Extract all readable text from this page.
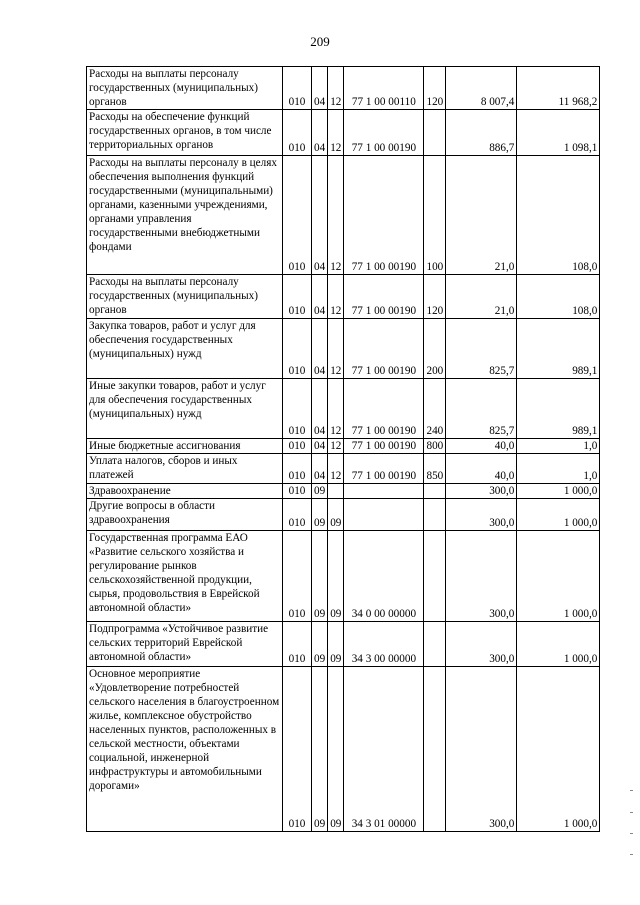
209
Расходы на выплаты персоналу государственных (муниципальных) органов	010	04	12	77 1 00 00110	120	8 007,4	11 968,2
Расходы на обеспечение функций государственных органов, в том числе территориальных органов	010	04	12	77 1 00 00190		886,7	1 098,1
Расходы на выплаты персоналу в целях обеспечения выполнения функций государственными (муниципальными) органами, казенными учреждениями, органами управления государственными внебюджетными фондами	010	04	12	77 1 00 00190	100	21,0	108,0
Расходы на выплаты персоналу государственных (муниципальных) органов	010	04	12	77 1 00 00190	120	21,0	108,0
Закупка товаров, работ и услуг для обеспечения государственных (муниципальных) нужд	010	04	12	77 1 00 00190	200	825,7	989,1
Иные закупки товаров, работ и услуг для обеспечения государственных (муниципальных) нужд	010	04	12	77 1 00 00190	240	825,7	989,1
Иные бюджетные ассигнования	010	04	12	77 1 00 00190	800	40,0	1,0
Уплата налогов, сборов и иных платежей	010	04	12	77 1 00 00190	850	40,0	1,0
Здравоохранение	010	09				300,0	1 000,0
Другие вопросы в области здравоохранения	010	09	09			300,0	1 000,0
Государственная программа ЕАО «Развитие сельского хозяйства и регулирование рынков сельскохозяйственной продукции, сырья, продовольствия в Еврейской автономной области»	010	09	09	34 0 00 00000		300,0	1 000,0
Подпрограмма «Устойчивое развитие сельских территорий Еврейской автономной области»	010	09	09	34 3 00 00000		300,0	1 000,0
Основное мероприятие «Удовлетворение потребностей сельского населения в благоустроенном жилье, комплексное обустройство населенных пунктов, расположенных в сельской местности, объектами социальной, инженерной инфраструктуры и автомобильными дорогами»	010	09	09	34 3 01 00000		300,0	1 000,0
